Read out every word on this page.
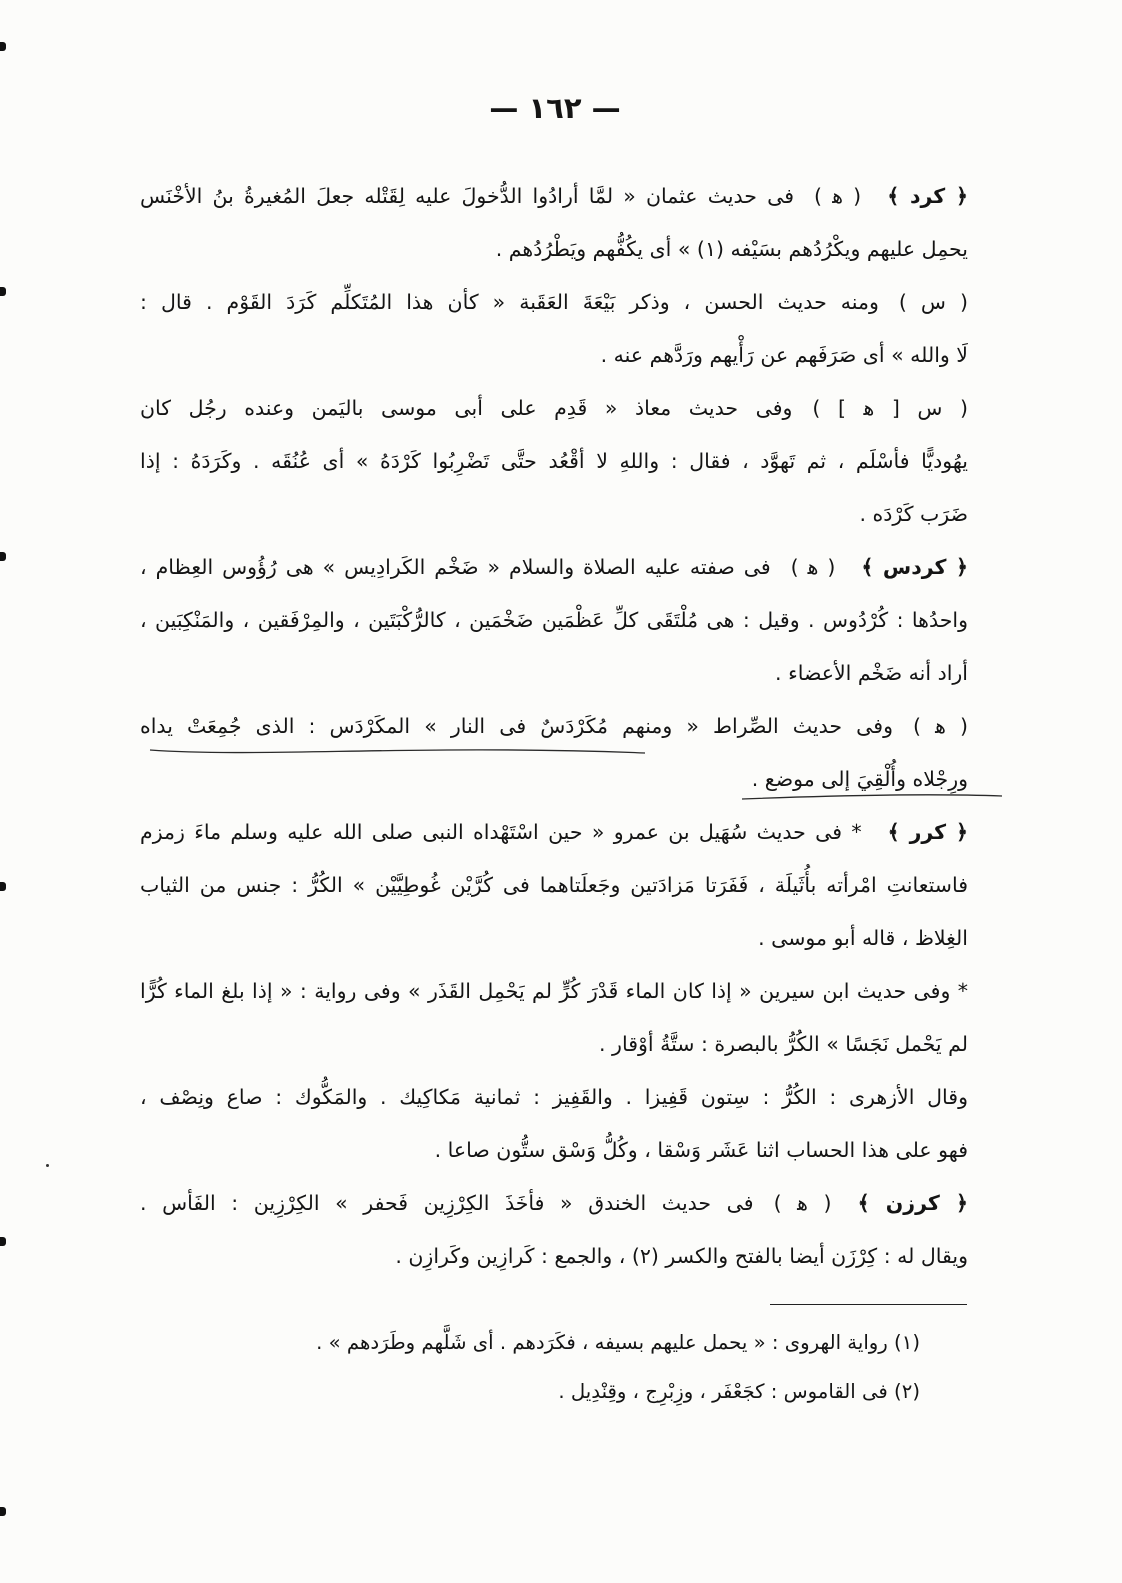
— ١٦٢ —
﴿ كرد ﴾( ﻫ )فى حديث عثمان « لمَّا أرادُوا الدُّخولَ عليه لِقَتْله جعلَ المُغيرةُ بنُ الأخْنَس
يحمِل عليهم ويكْرُدُهم بسَيْفه (١) » أى يكُفُّهم ويَطْرُدُهم .
( س )ومنه حديث الحسن ، وذكر بَيْعَةَ العَقَبة « كأن هذا المُتَكلِّم كَرَدَ القَوْم . قال :
لَا والله » أى صَرَفَهم عن رَأْيهم ورَدَّهم عنه .
( س [ ﻫ ] )وفى حديث معاذ « قَدِم على أبى موسى باليَمن وعنده رجُل كان
يهُوديًّا فأسْلَم ، ثم تَهوَّد ، فقال : واللهِ لا أقْعُد حتَّى تَضْرِبُوا كَرْدَهُ » أى عُنُقَه . وكَرَدَهُ : إذا
ضَرَب كَرْدَه .
﴿ كردس ﴾( ﻫ )فى صفته عليه الصلاة والسلام « ضَخْم الكَرادِيس » هى رُؤُوس العِظام ،
واحدُها : كُرْدُوس . وقيل : هى مُلْتَقَى كلِّ عَظْمَين ضَخْمَين ، كالرُّكْبَتَين ، والمِرْفَقين ، والمَنْكِبَين ،
أراد أنه ضَخْم الأعضاء .
( ﻫ )وفى حديث الصِّراط « ومنهم مُكَرْدَسٌ فى النار » المكَرْدَس : الذى جُمِعَتْ يداه
ورِجْلاه وأُلْقِيَ إلى موضع .
﴿ كرر ﴾* فى حديث سُهَيل بن عمرو « حين اسْتَهْداه النبى صلى الله عليه وسلم ماءَ زمزم
فاستعانتِ امْرأته بأُثَيلَة ، فَفَرَتا مَزادَتين وجَعلَتاهما فى كُرَّيْن غُوطِيَّيْن » الكُرُّ : جنس من الثياب
الغِلاظ ، قاله أبو موسى .
* وفى حديث ابن سيرين « إذا كان الماء قَدْرَ كُرٍّ لم يَحْمِل القَذَر » وفى رواية : « إذا بلغ الماء كُرًّا
لم يَحْمل نَجَسًا » الكُرُّ بالبصرة : ستَّةُ أوْقار .
وقال الأزهرى : الكُرُّ : سِتون قَفِيزا . والقَفِيز : ثمانية مَكاكِيك . والمَكُّوك : صاع ونِصْف ،
فهو على هذا الحساب اثنا عَشَر وَسْقا ، وكُلُّ وَسْق ستُّون صاعا .
﴿ كرزن ﴾( ﻫ )فى حديث الخندق « فأخَذَ الكِرْزِين فَحفر » الكِرْزِين : الفَأس .
ويقال له : كِرْزَن أيضا بالفتح والكسر (٢) ، والجمع : كَرازِين وكَرازِن .
(١) رواية الهروى : « يحمل عليهم بسيفه ، فكَرَدهم . أى شَلَّهم وطَرَدهم » .
(٢) فى القاموس : كجَعْفَر ، وزِبْرِج ، وقِنْدِيل .
